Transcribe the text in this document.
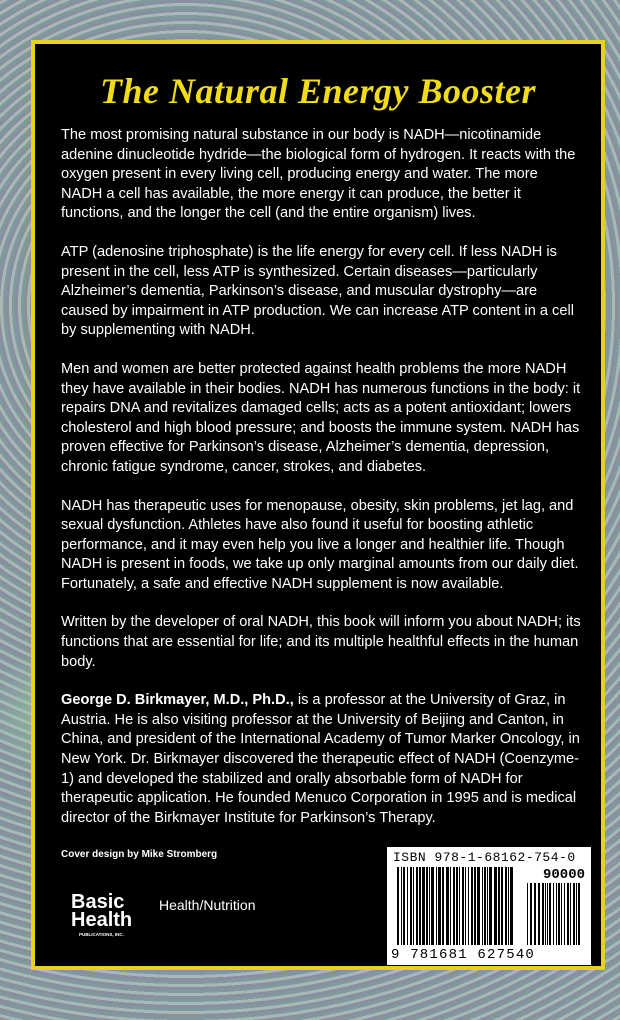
The Natural Energy Booster

The most promising natural substance in our body is NADH—nicotinamide adenine dinucleotide hydride—the biological form of hydrogen. It reacts with the oxygen present in every living cell, producing energy and water. The more NADH a cell has available, the more energy it can produce, the better it functions, and the longer the cell (and the entire organism) lives.

ATP (adenosine triphosphate) is the life energy for every cell. If less NADH is present in the cell, less ATP is synthesized. Certain diseases—particularly Alzheimer’s dementia, Parkinson’s disease, and muscular dystrophy—are caused by impairment in ATP production. We can increase ATP content in a cell by supplementing with NADH.

Men and women are better protected against health problems the more NADH they have available in their bodies. NADH has numerous functions in the body: it repairs DNA and revitalizes damaged cells; acts as a potent antioxidant; lowers cholesterol and high blood pressure; and boosts the immune system. NADH has proven effective for Parkinson’s disease, Alzheimer’s dementia, depression, chronic fatigue syndrome, cancer, strokes, and diabetes.

NADH has therapeutic uses for menopause, obesity, skin problems, jet lag, and sexual dysfunction. Athletes have also found it useful for boosting athletic performance, and it may even help you live a longer and healthier life. Though NADH is present in foods, we take up only marginal amounts from our daily diet. Fortunately, a safe and effective NADH supplement is now available.

Written by the developer of oral NADH, this book will inform you about NADH; its functions that are essential for life; and its multiple healthful effects in the human body.

George D. Birkmayer, M.D., Ph.D., is a professor at the University of Graz, in Austria. He is also visiting professor at the University of Beijing and Canton, in China, and president of the International Academy of Tumor Marker Oncology, in New York. Dr. Birkmayer discovered the therapeutic effect of NADH (Coenzyme-1) and developed the stabilized and orally absorbable form of NADH for therapeutic application. He founded Menuco Corporation in 1995 and is medical director of the Birkmayer Institute for Parkinson’s Therapy.

Cover design by Mike Stromberg
Basic
Health
PUBLICATIONS, INC.
Health/Nutrition
ISBN 978-1-68162-754-0
90000
9 781681 627540
